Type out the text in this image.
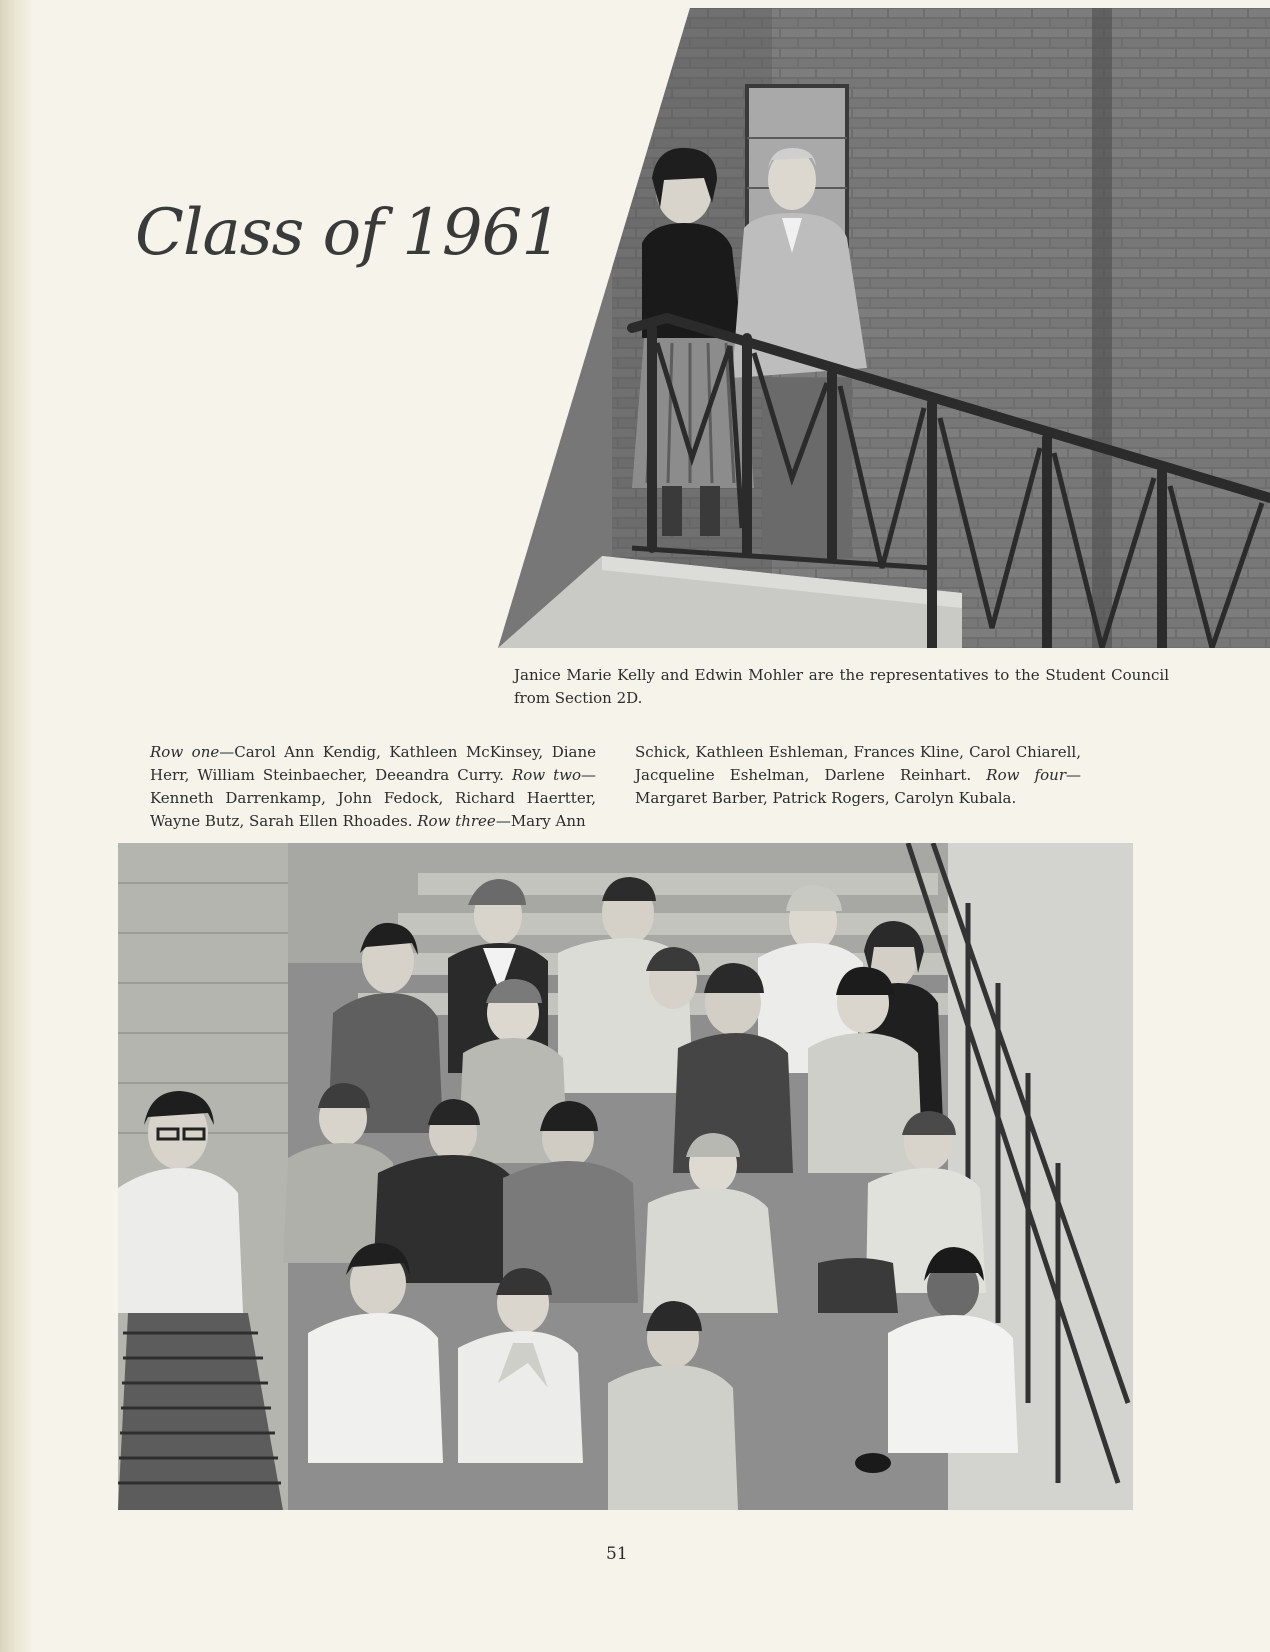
Class of 1961

Janice Marie Kelly and Edwin Mohler are the representatives to the Student Council from Section 2D.

Row one—Carol Ann Kendig, Kathleen McKinsey, Diane Herr, William Steinbaecher, Deeandra Curry. Row two—Kenneth Darrenkamp, John Fedock, Richard Haertter, Wayne Butz, Sarah Ellen Rhoades. Row three—Mary Ann

Schick, Kathleen Eshleman, Frances Kline, Carol Chiarell, Jacqueline Eshelman, Darlene Reinhart. Row four—Margaret Barber, Patrick Rogers, Carolyn Kubala.

51
